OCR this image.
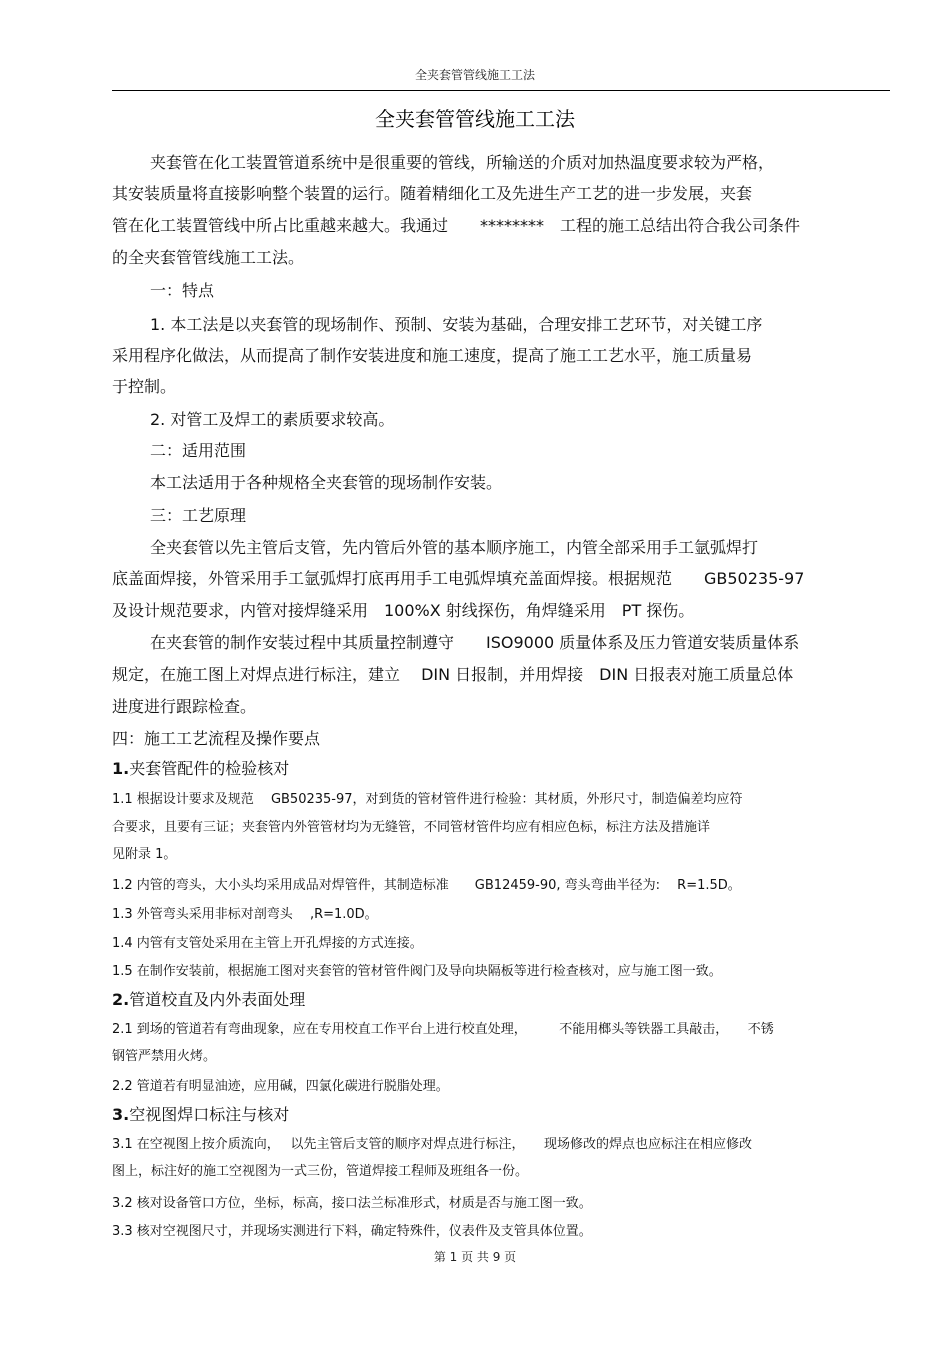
全夹套管管线施工工法
全夹套管管线施工工法
夹套管在化工装置管道系统中是很重要的管线，所输送的介质对加热温度要求较为严格，
其安装质量将直接影响整个装置的运行。随着精细化工及先进生产工艺的进一步发展，夹套
管在化工装置管线中所占比重越来越大。我通过　　********　工程的施工总结出符合我公司条件
的全夹套管管线施工工法。
一：特点
1. 本工法是以夹套管的现场制作、预制、安装为基础，合理安排工艺环节，对关键工序
采用程序化做法，从而提高了制作安装进度和施工速度，提高了施工工艺水平，施工质量易
于控制。
2. 对管工及焊工的素质要求较高。
二：适用范围
本工法适用于各种规格全夹套管的现场制作安装。
三：工艺原理
全夹套管以先主管后支管，先内管后外管的基本顺序施工，内管全部采用手工氩弧焊打
底盖面焊接，外管采用手工氩弧焊打底再用手工电弧焊填充盖面焊接。根据规范　　GB50235-97
及设计规范要求，内管对接焊缝采用　100%X 射线探伤，角焊缝采用　PT 探伤。
在夹套管的制作安装过程中其质量控制遵守　　ISO9000 质量体系及压力管道安装质量体系
规定，在施工图上对焊点进行标注，建立　 DIN 日报制，并用焊接　DIN 日报表对施工质量总体
进度进行跟踪检查。
四：施工工艺流程及操作要点
1.夹套管配件的检验核对
1.1 根据设计要求及规范　 GB50235-97，对到货的管材管件进行检验：其材质，外形尺寸，制造偏差均应符
合要求，且要有三证；夹套管内外管管材均为无缝管，不同管材管件均应有相应色标，标注方法及措施详
见附录 1。
1.2 内管的弯头，大小头均采用成品对焊管件，其制造标准　　GB12459-90, 弯头弯曲半径为:　 R=1.5D。
1.3 外管弯头采用非标对剖弯头　 ,R=1.0D。
1.4 内管有支管处采用在主管上开孔焊接的方式连接。
1.5 在制作安装前，根据施工图对夹套管的管材管件阀门及导向块隔板等进行检查核对，应与施工图一致。
2.管道校直及内外表面处理
2.1 到场的管道若有弯曲现象，应在专用校直工作平台上进行校直处理，　　　不能用榔头等铁器工具敲击，　　不锈
钢管严禁用火烤。
2.2 管道若有明显油迹，应用碱，四氯化碳进行脱脂处理。
3.空视图焊口标注与核对
3.1 在空视图上按介质流向，　 以先主管后支管的顺序对焊点进行标注，　　现场修改的焊点也应标注在相应修改
图上，标注好的施工空视图为一式三份，管道焊接工程师及班组各一份。
3.2 核对设备管口方位，坐标，标高，接口法兰标准形式，材质是否与施工图一致。
3.3 核对空视图尺寸，并现场实测进行下料，确定特殊件，仪表件及支管具体位置。
第 1 页 共 9 页
